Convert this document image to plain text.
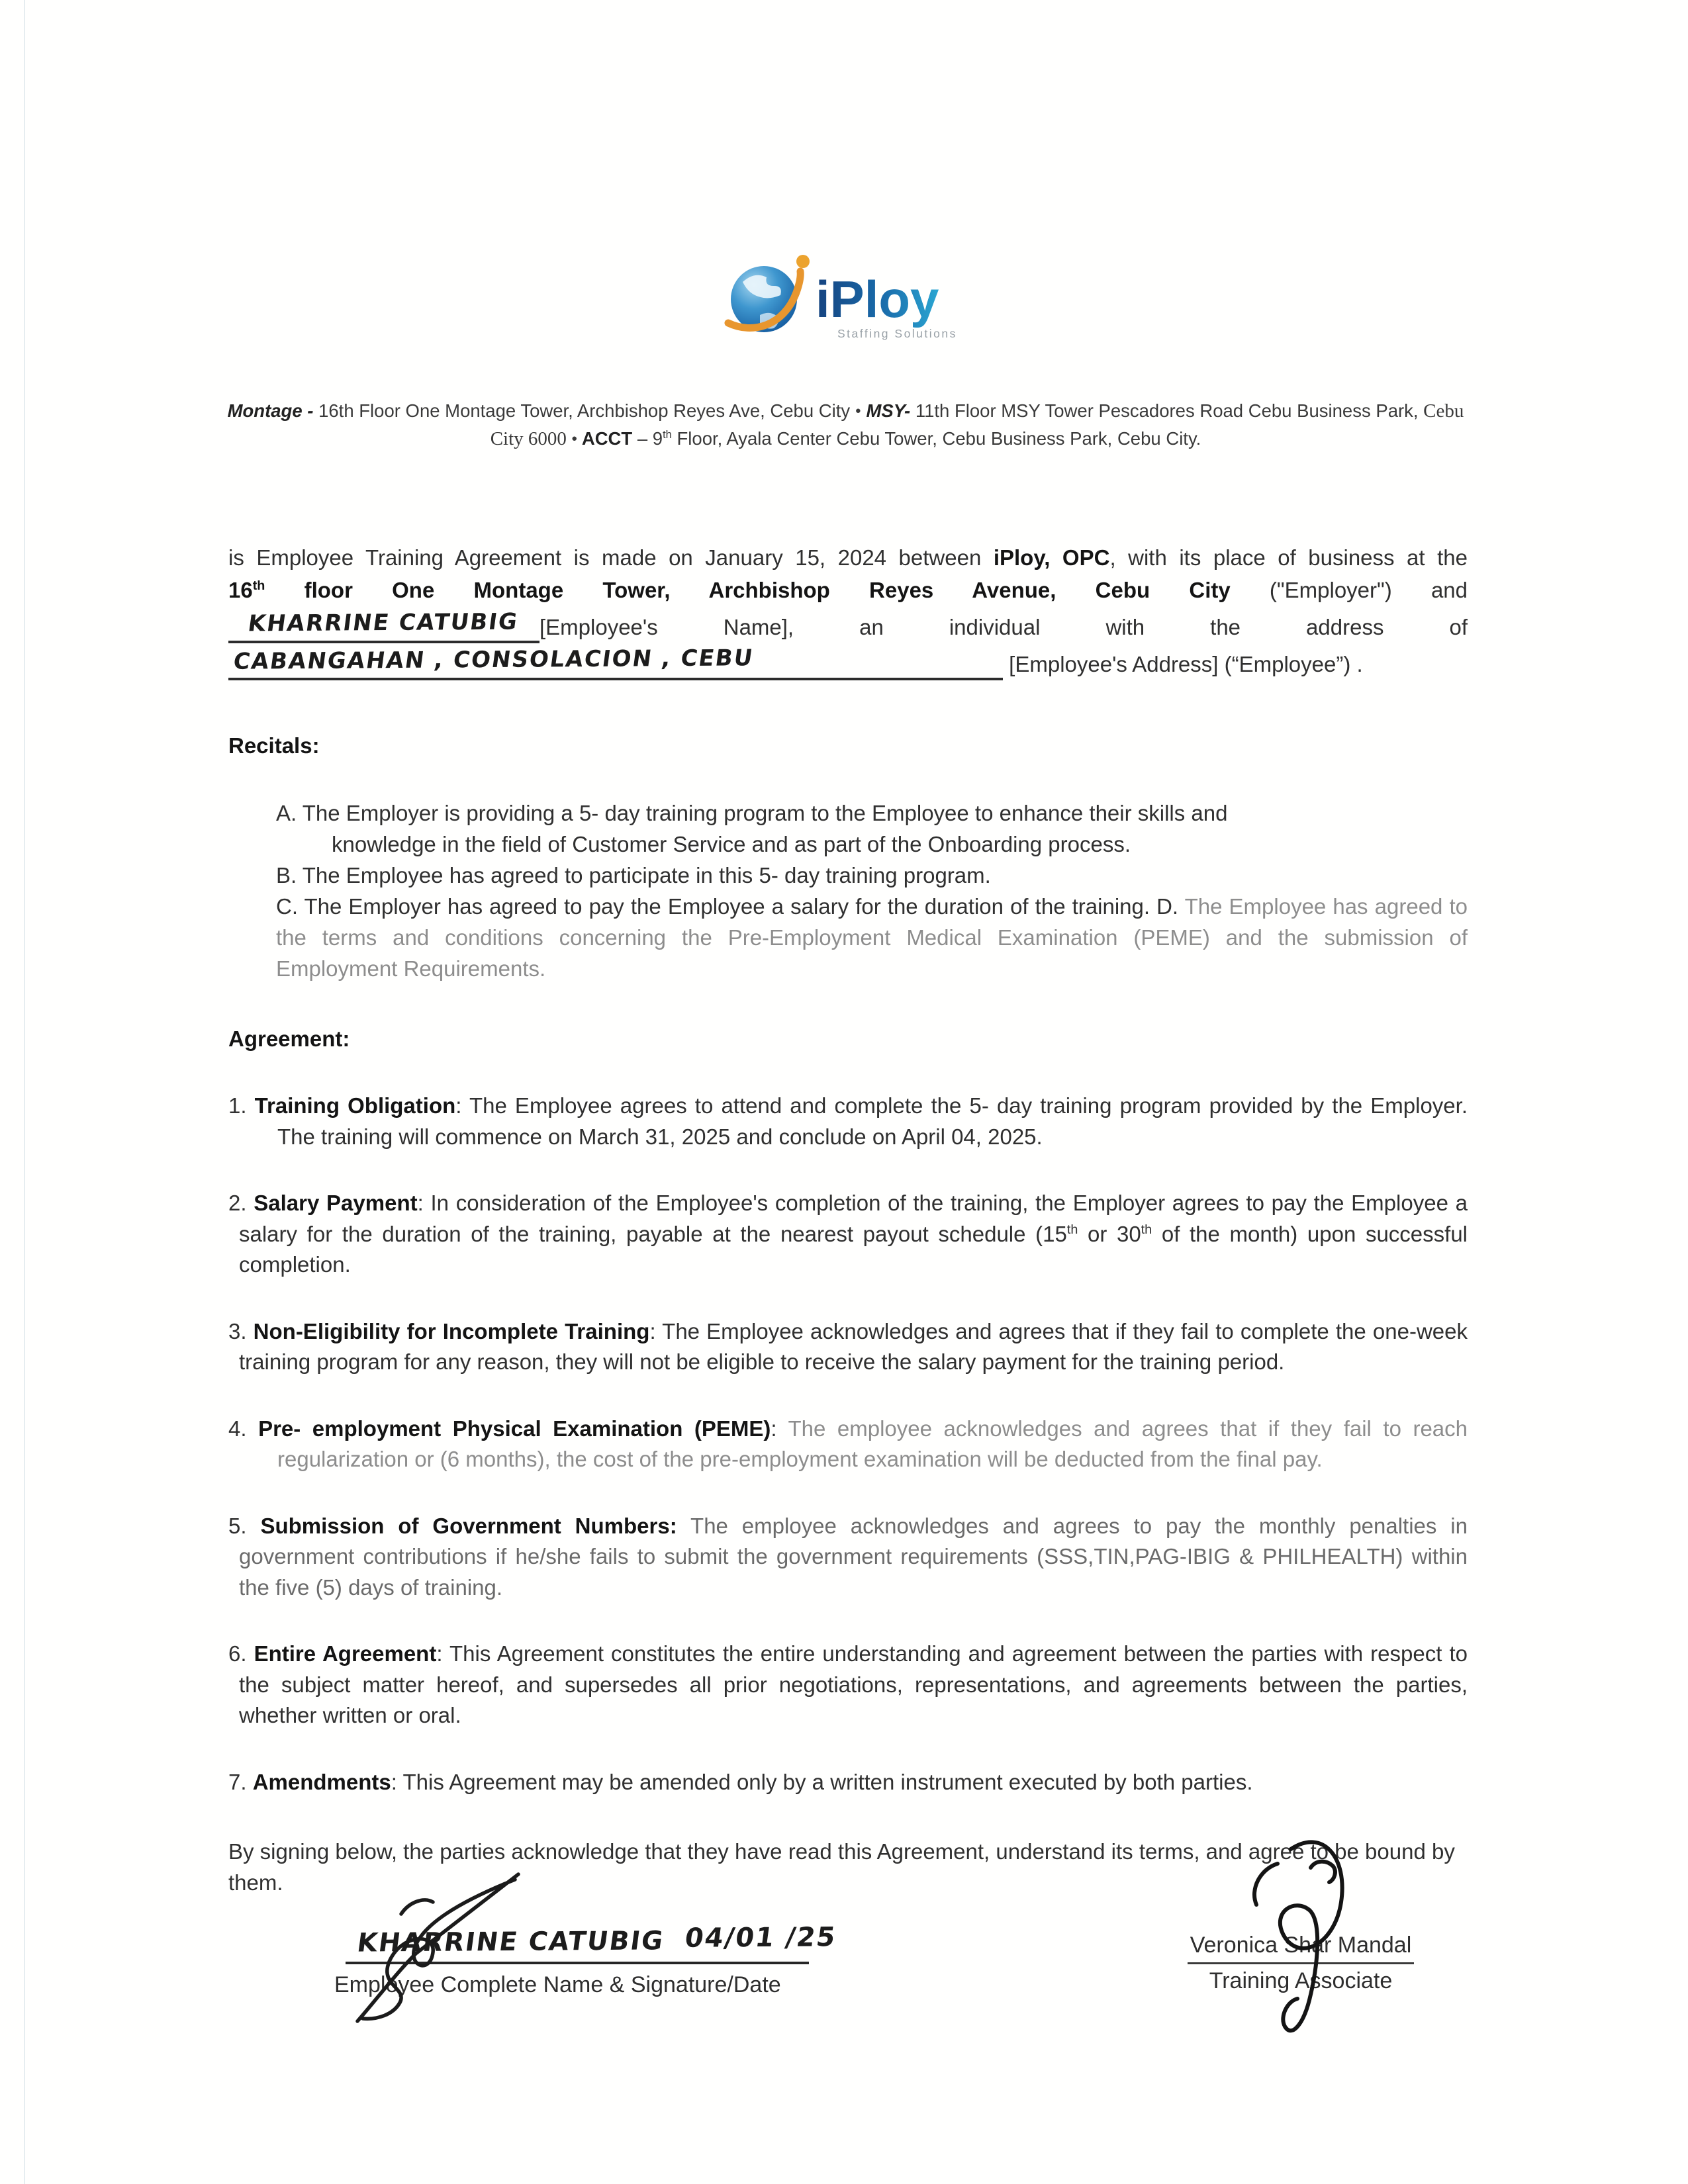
iPloy
Staffing Solutions
Montage - 16th Floor One Montage Tower, Archbishop Reyes Ave, Cebu City ● MSY- 11th Floor MSY Tower Pescadores Road Cebu Business Park, Cebu
City 6000 ● ACCT – 9th Floor, Ayala Center Cebu Tower, Cebu Business Park, Cebu City.
is Employee Training Agreement is made on January 15, 2024 between iPloy, OPC, with its place of business at the
16th floor One Montage Tower, Archbishop Reyes Avenue, Cebu City ("Employer") and
KHARRINE CATUBIG [Employee's Name], an individual with the address of
CABANGAHAN , CONSOLACION , CEBU	[Employee's Address] (“Employee”) .
Recitals:
A. The Employer is providing a 5- day training program to the Employee to enhance their skills and
knowledge in the field of Customer Service and as part of the Onboarding process.
B. The Employee has agreed to participate in this 5- day training program.
C. The Employer has agreed to pay the Employee a salary for the duration of the training. D. The Employee has agreed to the terms and conditions concerning the Pre-Employment Medical Examination (PEME) and the submission of Employment Requirements.
Agreement:
1. Training Obligation: The Employee agrees to attend and complete the 5- day training program provided by the Employer. The training will commence on March 31, 2025 and conclude on April 04, 2025.
2. Salary Payment: In consideration of the Employee's completion of the training, the Employer agrees to pay the Employee a salary for the duration of the training, payable at the nearest payout schedule (15th or 30th of the month) upon successful completion.
3. Non-Eligibility for Incomplete Training: The Employee acknowledges and agrees that if they fail to complete the one-week training program for any reason, they will not be eligible to receive the salary payment for the training period.
4. Pre- employment Physical Examination (PEME): The employee acknowledges and agrees that if they fail to reach regularization or (6 months), the cost of the pre-employment examination will be deducted from the final pay.
5. Submission of Government Numbers: The employee acknowledges and agrees to pay the monthly penalties in government contributions if he/she fails to submit the government requirements (SSS,TIN,PAG-IBIG & PHILHEALTH) within the five (5) days of training.
6. Entire Agreement: This Agreement constitutes the entire understanding and agreement between the parties with respect to the subject matter hereof, and supersedes all prior negotiations, representations, and agreements between the parties, whether written or oral.
7. Amendments: This Agreement may be amended only by a written instrument executed by both parties.
By signing below, the parties acknowledge that they have read this Agreement, understand its terms, and agree to be bound by them.
KHARRINE CATUBIG 04/01 /25
Employee Complete Name & Signature/Date
Veronica Shar Mandal
Training Associate
